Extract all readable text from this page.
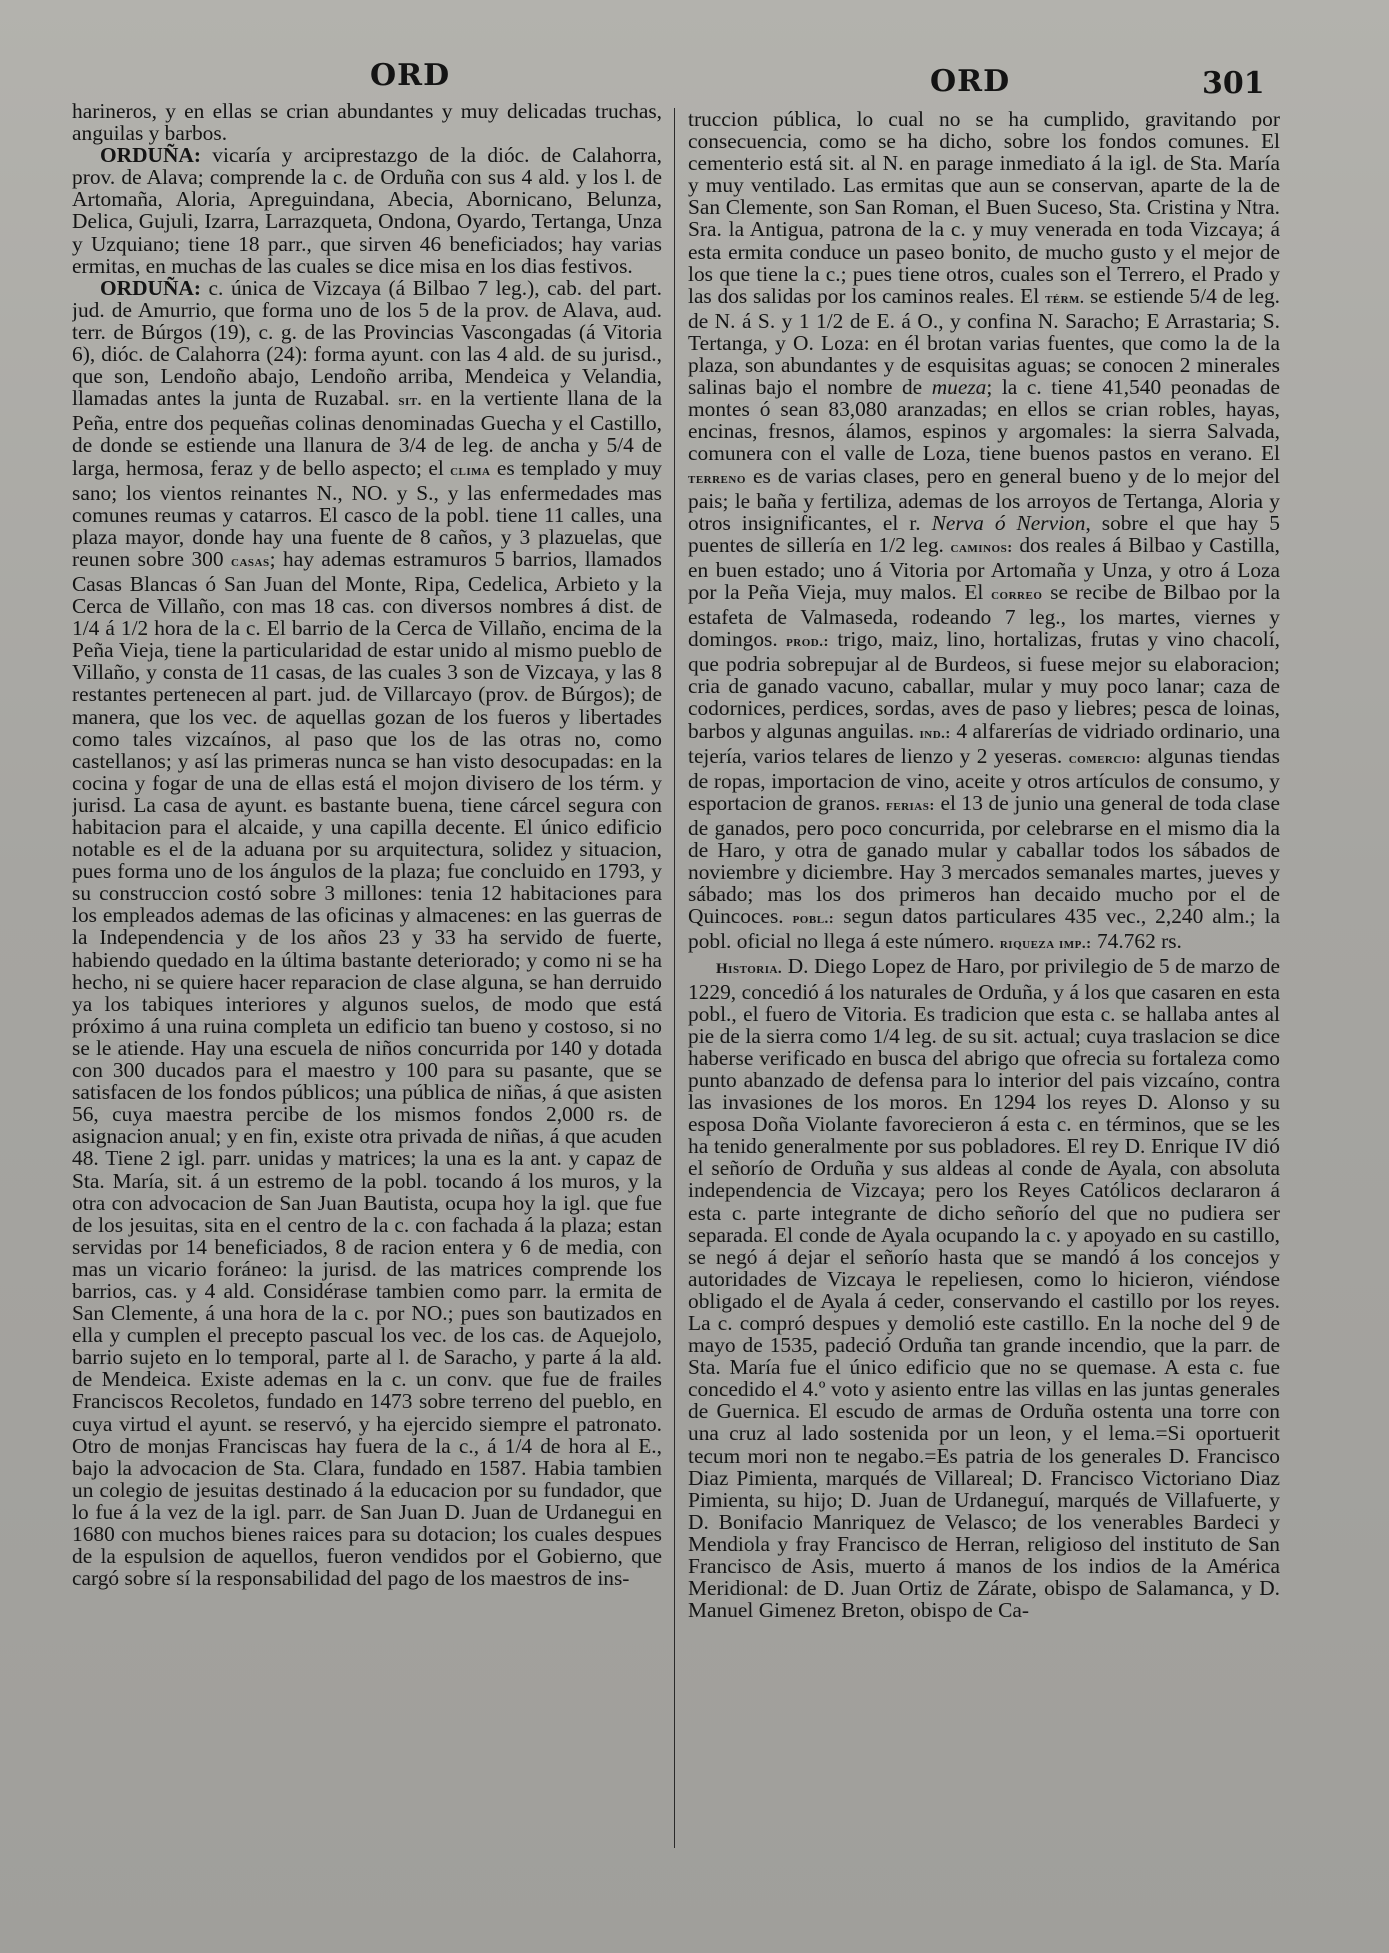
ORD	ORD	301

harineros, y en ellas se crian abundantes y muy delicadas truchas, anguilas y barbos.

ORDUÑA: vicaría y arciprestazgo de la dióc. de Calahorra, prov. de Alava; comprende la c. de Orduña con sus 4 ald. y los l. de Artomaña, Aloria, Apreguindana, Abecia, Abornicano, Belunza, Delica, Gujuli, Izarra, Larrazqueta, Ondona, Oyardo, Tertanga, Unza y Uzquiano; tiene 18 parr., que sirven 46 beneficiados; hay varias ermitas, en muchas de las cuales se dice misa en los dias festivos.

ORDUÑA: c. única de Vizcaya (á Bilbao 7 leg.), cab. del part. jud. de Amurrio, que forma uno de los 5 de la prov. de Alava, aud. terr. de Búrgos (19), c. g. de las Provincias Vascongadas (á Vitoria 6), dióc. de Calahorra (24): forma ayunt. con las 4 ald. de su jurisd., que son, Lendoño abajo, Lendoño arriba, Mendeica y Velandia, llamadas antes la junta de Ruzabal. sit. en la vertiente llana de la Peña, entre dos pequeñas colinas denominadas Guecha y el Castillo, de donde se estiende una llanura de 3/4 de leg. de ancha y 5/4 de larga, hermosa, feraz y de bello aspecto; el clima es templado y muy sano; los vientos reinantes N., NO. y S., y las enfermedades mas comunes reumas y catarros. El casco de la pobl. tiene 11 calles, una plaza mayor, donde hay una fuente de 8 caños, y 3 plazuelas, que reunen sobre 300 casas; hay ademas estramuros 5 barrios, llamados Casas Blancas ó San Juan del Monte, Ripa, Cedelica, Arbieto y la Cerca de Villaño, con mas 18 cas. con diversos nombres á dist. de 1/4 á 1/2 hora de la c. El barrio de la Cerca de Villaño, encima de la Peña Vieja, tiene la particularidad de estar unido al mismo pueblo de Villaño, y consta de 11 casas, de las cuales 3 son de Vizcaya, y las 8 restantes pertenecen al part. jud. de Villarcayo (prov. de Búrgos); de manera, que los vec. de aquellas gozan de los fueros y libertades como tales vizcaínos, al paso que los de las otras no, como castellanos; y así las primeras nunca se han visto desocupadas: en la cocina y fogar de una de ellas está el mojon divisero de los térm. y jurisd. La casa de ayunt. es bastante buena, tiene cárcel segura con habitacion para el alcaide, y una capilla decente. El único edificio notable es el de la aduana por su arquitectura, solidez y situacion, pues forma uno de los ángulos de la plaza; fue concluido en 1793, y su construccion costó sobre 3 millones: tenia 12 habitaciones para los empleados ademas de las oficinas y almacenes: en las guerras de la Independencia y de los años 23 y 33 ha servido de fuerte, habiendo quedado en la última bastante deteriorado; y como ni se ha hecho, ni se quiere hacer reparacion de clase alguna, se han derruido ya los tabiques interiores y algunos suelos, de modo que está próximo á una ruina completa un edificio tan bueno y costoso, si no se le atiende. Hay una escuela de niños concurrida por 140 y dotada con 300 ducados para el maestro y 100 para su pasante, que se satisfacen de los fondos públicos; una pública de niñas, á que asisten 56, cuya maestra percibe de los mismos fondos 2,000 rs. de asignacion anual; y en fin, existe otra privada de niñas, á que acuden 48. Tiene 2 igl. parr. unidas y matrices; la una es la ant. y capaz de Sta. María, sit. á un estremo de la pobl. tocando á los muros, y la otra con advocacion de San Juan Bautista, ocupa hoy la igl. que fue de los jesuitas, sita en el centro de la c. con fachada á la plaza; estan servidas por 14 beneficiados, 8 de racion entera y 6 de media, con mas un vicario foráneo: la jurisd. de las matrices comprende los barrios, cas. y 4 ald. Considérase tambien como parr. la ermita de San Clemente, á una hora de la c. por NO.; pues son bautizados en ella y cumplen el precepto pascual los vec. de los cas. de Aquejolo, barrio sujeto en lo temporal, parte al l. de Saracho, y parte á la ald. de Mendeica. Existe ademas en la c. un conv. que fue de frailes Franciscos Recoletos, fundado en 1473 sobre terreno del pueblo, en cuya virtud el ayunt. se reservó, y ha ejercido siempre el patronato. Otro de monjas Franciscas hay fuera de la c., á 1/4 de hora al E., bajo la advocacion de Sta. Clara, fundado en 1587. Habia tambien un colegio de jesuitas destinado á la educacion por su fundador, que lo fue á la vez de la igl. parr. de San Juan D. Juan de Urdanegui en 1680 con muchos bienes raices para su dotacion; los cuales despues de la espulsion de aquellos, fueron vendidos por el Gobierno, que cargó sobre sí la responsabilidad del pago de los maestros de ins-

truccion pública, lo cual no se ha cumplido, gravitando por consecuencia, como se ha dicho, sobre los fondos comunes. El cementerio está sit. al N. en parage inmediato á la igl. de Sta. María y muy ventilado. Las ermitas que aun se conservan, aparte de la de San Clemente, son San Roman, el Buen Suceso, Sta. Cristina y Ntra. Sra. la Antigua, patrona de la c. y muy venerada en toda Vizcaya; á esta ermita conduce un paseo bonito, de mucho gusto y el mejor de los que tiene la c.; pues tiene otros, cuales son el Terrero, el Prado y las dos salidas por los caminos reales. El térm. se estiende 5/4 de leg. de N. á S. y 1 1/2 de E. á O., y confina N. Saracho; E Arrastaria; S. Tertanga, y O. Loza: en él brotan varias fuentes, que como la de la plaza, son abundantes y de esquisitas aguas; se conocen 2 minerales salinas bajo el nombre de mueza; la c. tiene 41,540 peonadas de montes ó sean 83,080 aranzadas; en ellos se crian robles, hayas, encinas, fresnos, álamos, espinos y argomales: la sierra Salvada, comunera con el valle de Loza, tiene buenos pastos en verano. El terreno es de varias clases, pero en general bueno y de lo mejor del pais; le baña y fertiliza, ademas de los arroyos de Tertanga, Aloria y otros insignificantes, el r. Nerva ó Nervion, sobre el que hay 5 puentes de sillería en 1/2 leg. caminos: dos reales á Bilbao y Castilla, en buen estado; uno á Vitoria por Artomaña y Unza, y otro á Loza por la Peña Vieja, muy malos. El correo se recibe de Bilbao por la estafeta de Valmaseda, rodeando 7 leg., los martes, viernes y domingos. prod.: trigo, maiz, lino, hortalizas, frutas y vino chacolí, que podria sobrepujar al de Burdeos, si fuese mejor su elaboracion; cria de ganado vacuno, caballar, mular y muy poco lanar; caza de codornices, perdices, sordas, aves de paso y liebres; pesca de loinas, barbos y algunas anguilas. ind.: 4 alfarerías de vidriado ordinario, una tejería, varios telares de lienzo y 2 yeseras. comercio: algunas tiendas de ropas, importacion de vino, aceite y otros artículos de consumo, y esportacion de granos. ferias: el 13 de junio una general de toda clase de ganados, pero poco concurrida, por celebrarse en el mismo dia la de Haro, y otra de ganado mular y caballar todos los sábados de noviembre y diciembre. Hay 3 mercados semanales martes, jueves y sábado; mas los dos primeros han decaido mucho por el de Quincoces. pobl.: segun datos particulares 435 vec., 2,240 alm.; la pobl. oficial no llega á este número. riqueza imp.: 74.762 rs.

Historia. D. Diego Lopez de Haro, por privilegio de 5 de marzo de 1229, concedió á los naturales de Orduña, y á los que casaren en esta pobl., el fuero de Vitoria. Es tradicion que esta c. se hallaba antes al pie de la sierra como 1/4 leg. de su sit. actual; cuya traslacion se dice haberse verificado en busca del abrigo que ofrecia su fortaleza como punto abanzado de defensa para lo interior del pais vizcaíno, contra las invasiones de los moros. En 1294 los reyes D. Alonso y su esposa Doña Violante favorecieron á esta c. en términos, que se les ha tenido generalmente por sus pobladores. El rey D. Enrique IV dió el señorío de Orduña y sus aldeas al conde de Ayala, con absoluta independencia de Vizcaya; pero los Reyes Católicos declararon á esta c. parte integrante de dicho señorío del que no pudiera ser separada. El conde de Ayala ocupando la c. y apoyado en su castillo, se negó á dejar el señorío hasta que se mandó á los concejos y autoridades de Vizcaya le repeliesen, como lo hicieron, viéndose obligado el de Ayala á ceder, conservando el castillo por los reyes. La c. compró despues y demolió este castillo. En la noche del 9 de mayo de 1535, padeció Orduña tan grande incendio, que la parr. de Sta. María fue el único edificio que no se quemase. A esta c. fue concedido el 4.º voto y asiento entre las villas en las juntas generales de Guernica. El escudo de armas de Orduña ostenta una torre con una cruz al lado sostenida por un leon, y el lema.=Si oportuerit tecum mori non te negabo.=Es patria de los generales D. Francisco Diaz Pimienta, marqués de Villareal; D. Francisco Victoriano Diaz Pimienta, su hijo; D. Juan de Urdaneguí, marqués de Villafuerte, y D. Bonifacio Manriquez de Velasco; de los venerables Bardeci y Mendiola y fray Francisco de Herran, religioso del instituto de San Francisco de Asis, muerto á manos de los indios de la América Meridional: de D. Juan Ortiz de Zárate, obispo de Salamanca, y D. Manuel Gimenez Breton, obispo de Ca-
